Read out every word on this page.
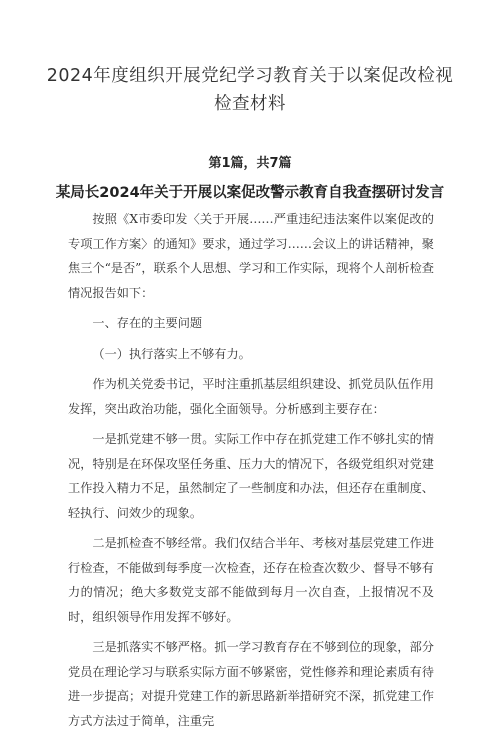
2024年度组织开展党纪学习教育关于以案促改检视检查材料
第1篇，共7篇
某局长2024年关于开展以案促改警示教育自我查摆研讨发言

按照《X市委印发〈关于开展……严重违纪违法案件以案促改的专项工作方案〉的通知》要求，通过学习……会议上的讲话精神，聚焦三个“是否”，联系个人思想、学习和工作实际，现将个人剖析检查情况报告如下：

一、存在的主要问题

（一）执行落实上不够有力。

作为机关党委书记，平时注重抓基层组织建设、抓党员队伍作用发挥，突出政治功能，强化全面领导。分析感到主要存在：

一是抓党建不够一贯。实际工作中存在抓党建工作不够扎实的情况，特别是在环保攻坚任务重、压力大的情况下，各级党组织对党建工作投入精力不足，虽然制定了一些制度和办法，但还存在重制度、轻执行、问效少的现象。

二是抓检查不够经常。我们仅结合半年、考核对基层党建工作进行检查，不能做到每季度一次检查，还存在检查次数少、督导不够有力的情况；绝大多数党支部不能做到每月一次自查，上报情况不及时，组织领导作用发挥不够好。

三是抓落实不够严格。抓一学习教育存在不够到位的现象，部分党员在理论学习与联系实际方面不够紧密，党性修养和理论素质有待进一步提高；对提升党建工作的新思路新举措研究不深，抓党建工作方式方法过于简单，注重完
